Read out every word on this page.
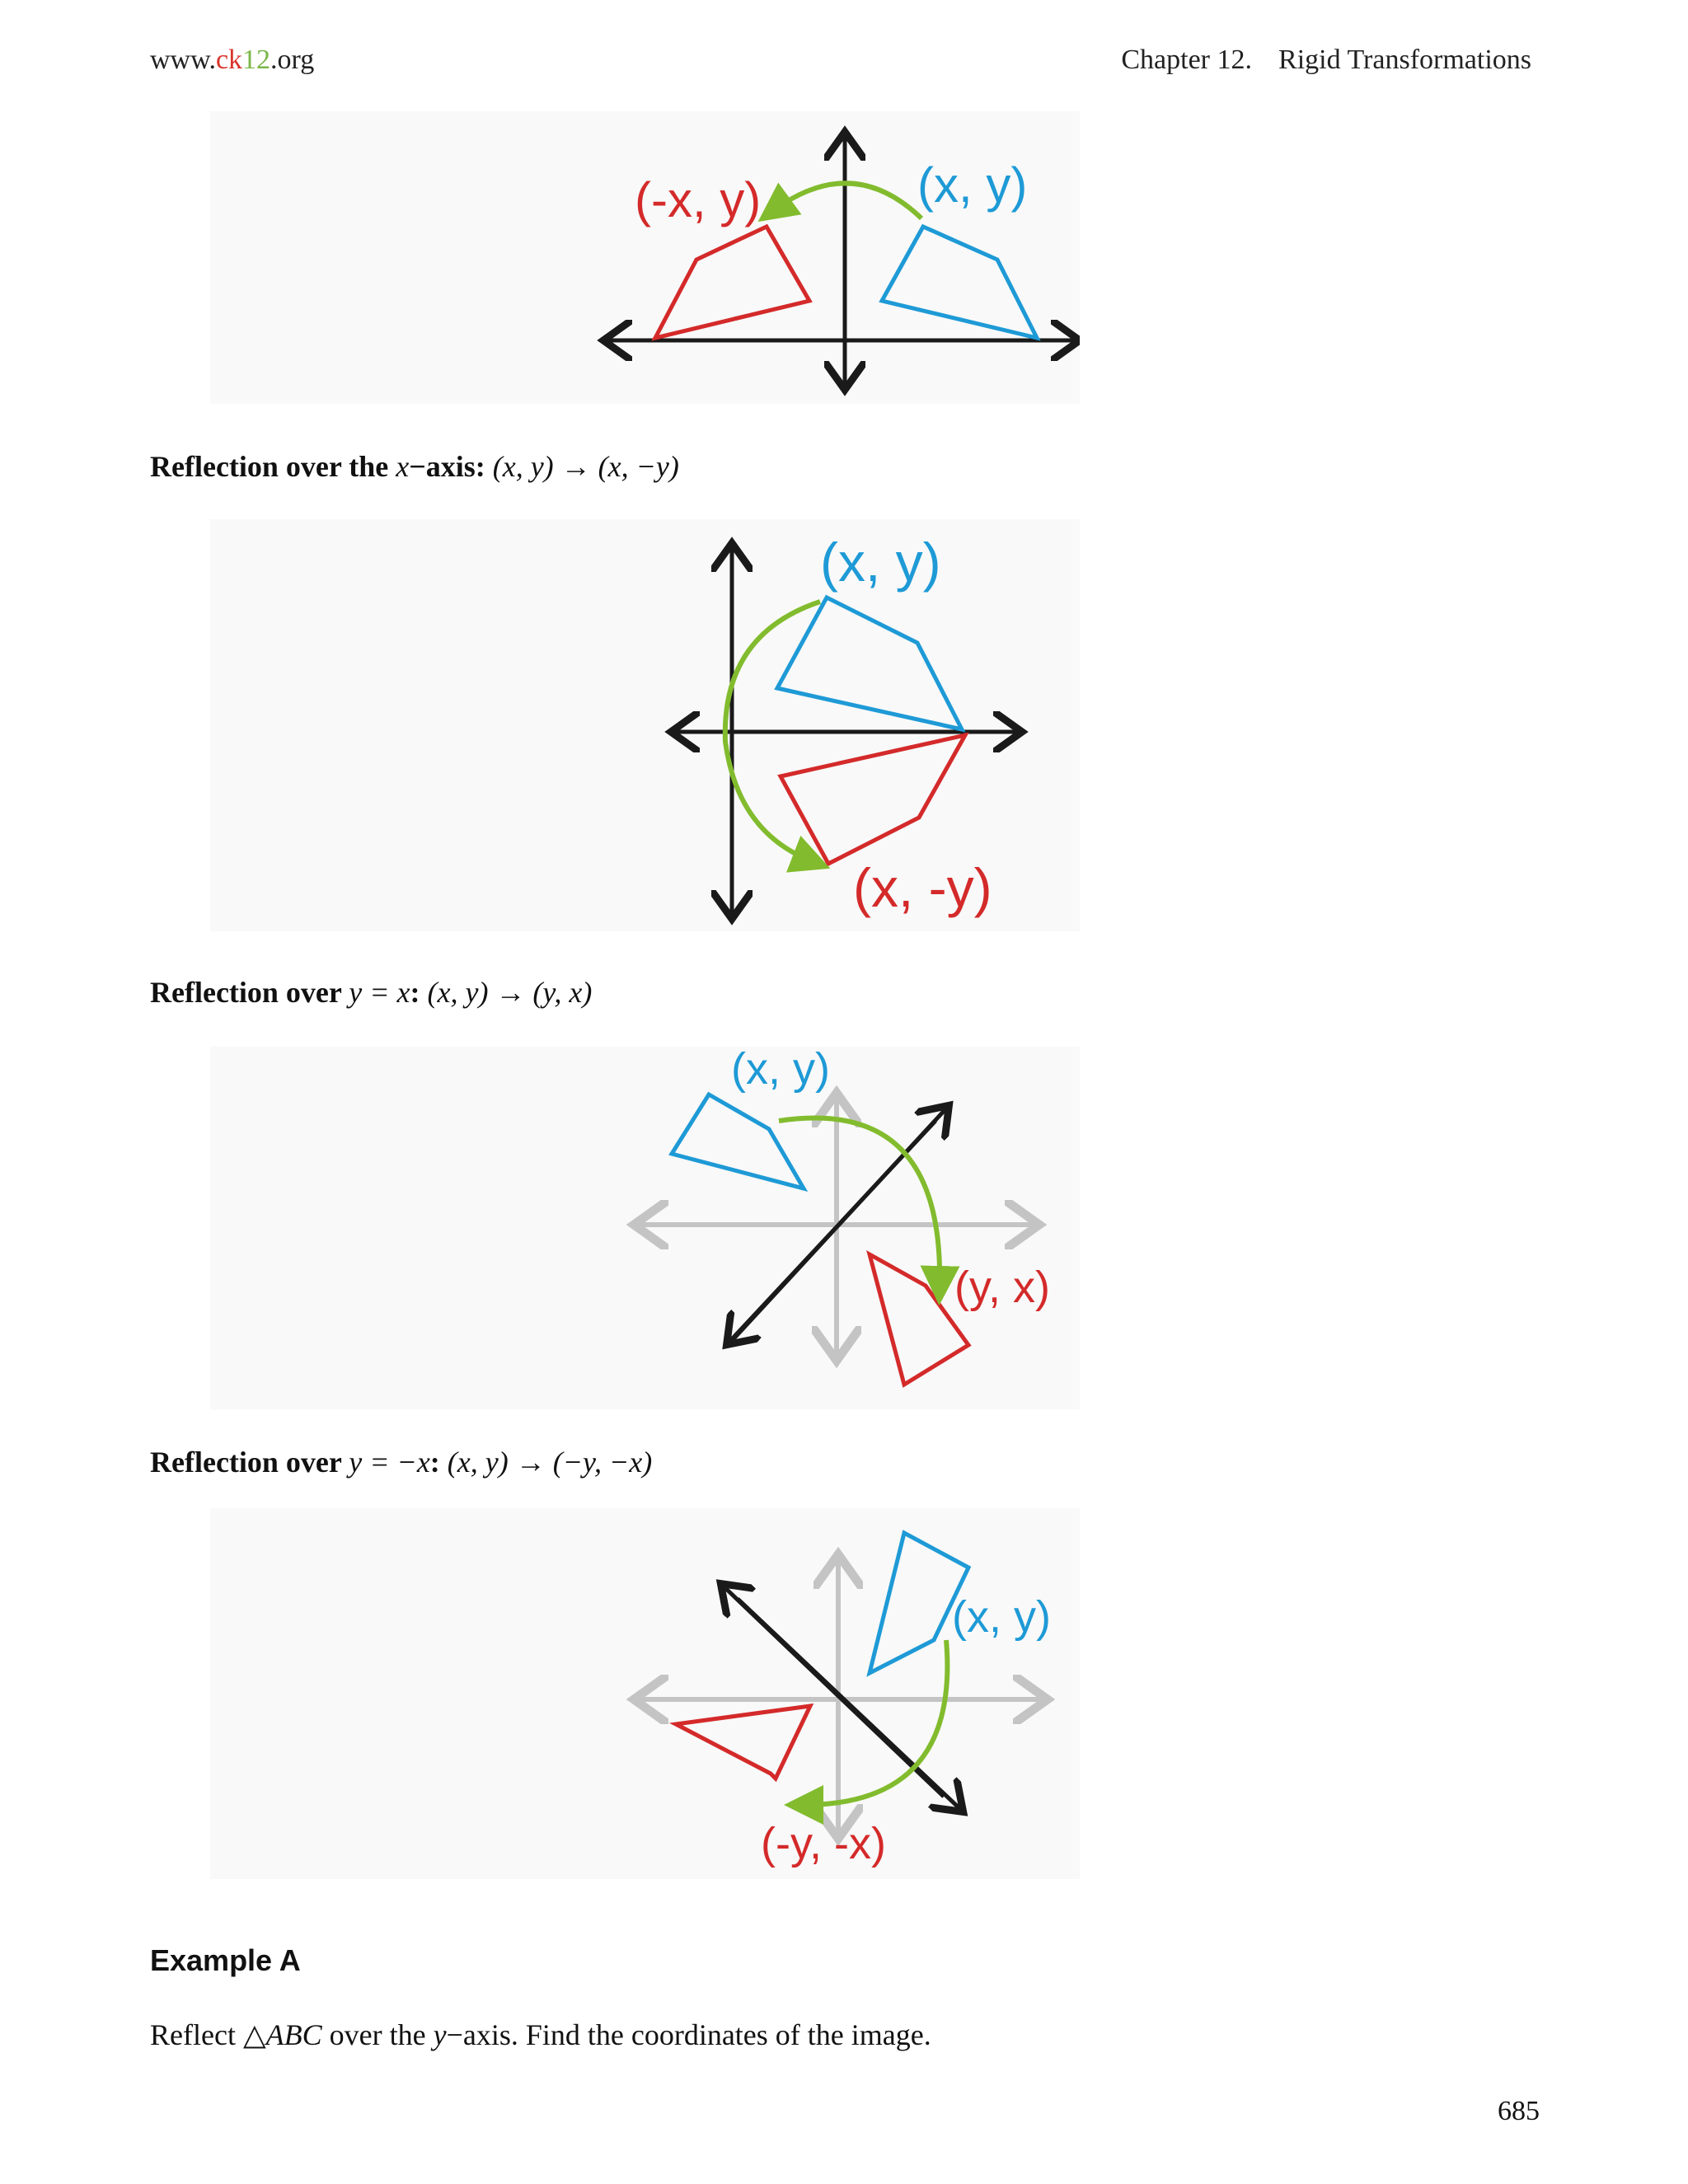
www.ck12.org	Chapter 12. Rigid Transformations
(x, y)
(-x, y)
Reflection over the x−axis: (x, y) → (x, −y)
(x, y)
(x, -y)
Reflection over y = x: (x, y) → (y, x)
(x, y)
(y, x)
Reflection over y = −x: (x, y) → (−y, −x)
(x, y)
(-y, -x)
Example A
Reflect △ABC over the y−axis. Find the coordinates of the image.
685
